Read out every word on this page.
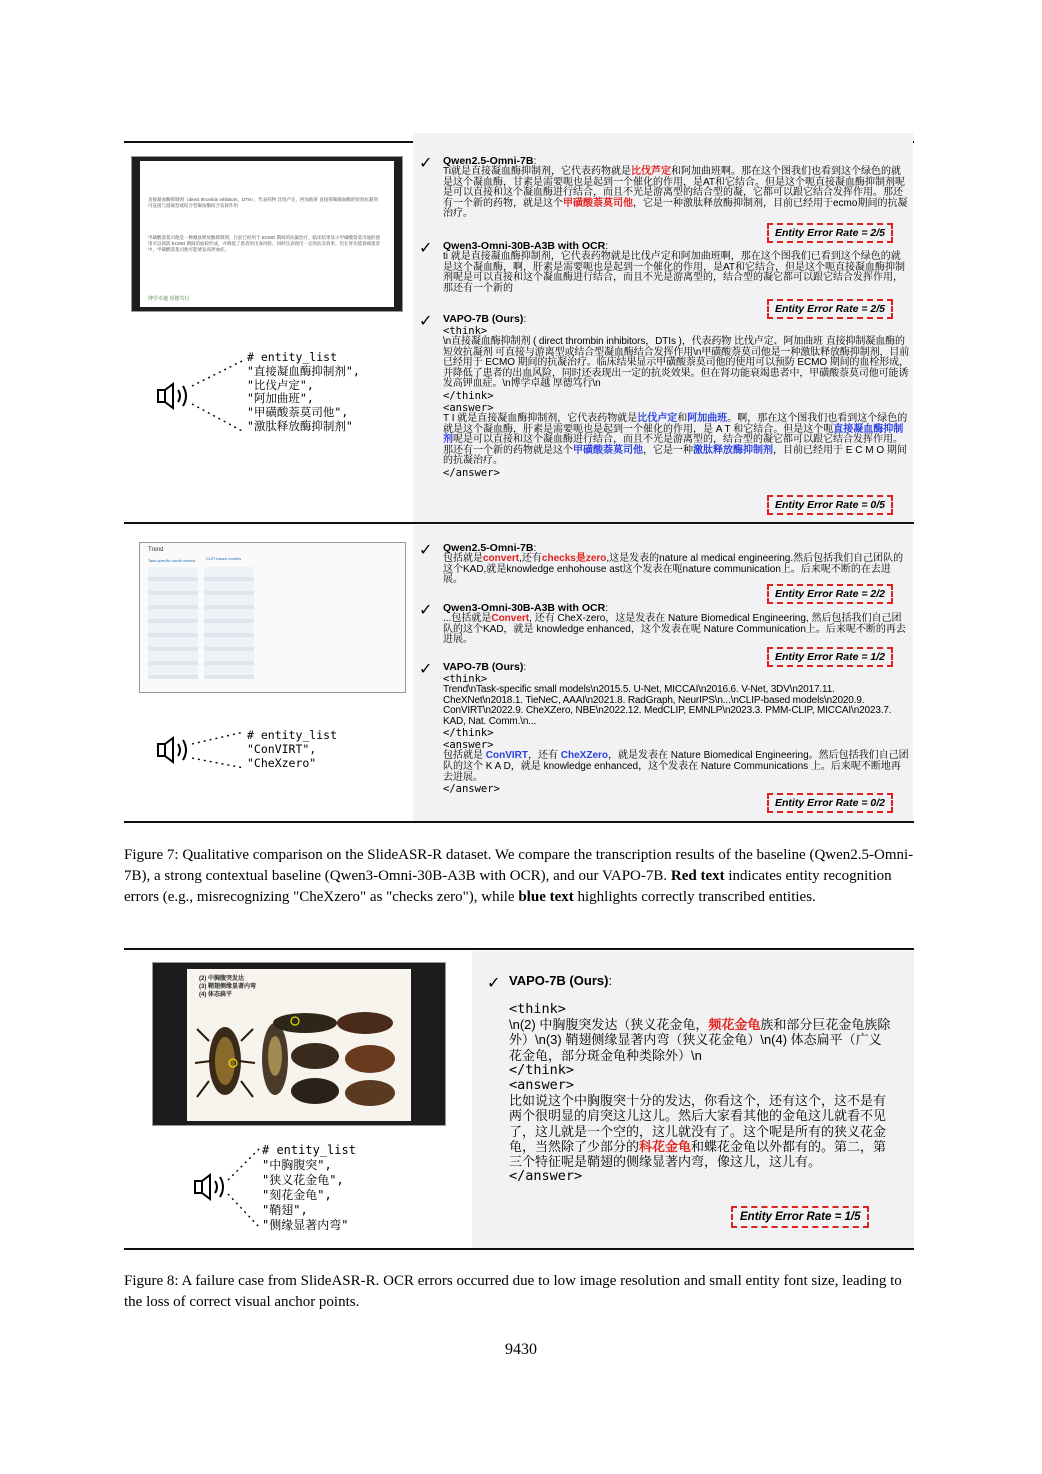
直接凝血酶抑制剂（direct thrombin inhibitors，DTIs），代表药物 比伐卢定、阿加曲班 直接抑制凝血酶的短效抗凝剂 可直接与游离型或结合型凝血酶结合发挥作用
甲磺酸萘莫司他是一种激肽释放酶抑制剂，目前已经用于 ECMO 期间的抗凝治疗。临床结果显示甲磺酸萘莫司他的使用可以预防 ECMO 期间的血栓形成，并降低了患者的出血风险。同时还表现出一定的抗炎效果。但在肾功能衰竭患者中，甲磺酸萘莫司他可能诱发高钾血症。
博学卓越 厚德笃行
# entity_list
"直接凝血酶抑制剂",
"比伐卢定",
"阿加曲班",
"甲磺酸萘莫司他",
"激肽释放酶抑制剂"
✓ Qwen2.5-Omni-7B:
Ti就是直接凝血酶抑制剂，它代表药物就是比伐芦定和阿加曲班啊。那在这个图我们也看到这个绿色的就是这个凝血酶，甘素是需要呃也是起到一个催化的作用，是AT和它结合。但是这个呃直接凝血酶抑制剂呢是可以直接和这个凝血酶进行结合，而且不光是游离型的结合型的凝，它都可以跟它结合发挥作用。那还有一个新的药物，就是这个甲磺酸萘莫司他，它是一种激肽释放酶抑制剂，目前已经用于ecmo期间的抗凝治疗。
Entity Error Rate = 2/5
✓ Qwen3-Omni-30B-A3B with OCR:
ti 就是直接凝血酶抑制剂，它代表药物就是比伐卢定和阿加曲班啊，那在这个图我们已看到这个绿色的就是这个凝血酶，啊，肝素是需要呃也是起到一个催化的作用，是AT和它结合，但是这个呃直接凝血酶抑制剂呢是可以直接和这个凝血酶进行结合，而且不光是游离型的，结合型的凝它都可以跟它结合发挥作用，那还有一个新的
Entity Error Rate = 2/5
✓ VAPO-7B (Ours):
<think>
\n直接凝血酶抑制剂 ( direct thrombin inhibitors，DTIs )，代表药物 比伐卢定、阿加曲班 直接抑制凝血酶的短效抗凝剂 可直接与游离型或结合型凝血酶结合发挥作用\n甲磺酸萘莫司他是一种激肽释放酶抑制剂，目前已经用于 ECMO 期间的抗凝治疗。临床结果显示甲磺酸萘莫司他的使用可以预防 ECMO 期间的血栓形成，并降低了患者的出血风险，同时还表现出一定的抗炎效果。但在肾功能衰竭患者中，甲磺酸萘莫司他可能诱发高钾血症。\n博学卓越 厚德笃行\n
</think>
<answer>
T I 就是直接凝血酶抑制剂，它代表药物就是比伐卢定和阿加曲班。啊，那在这个图我们也看到这个绿色的就是这个凝血酶，肝素是需要呃也是起到一个催化的作用，是 A T 和它结合。但是这个呃直接凝血酶抑制剂呢是可以直接和这个凝血酶进行结合，而且不光是游离型的，结合型的凝它都可以跟它结合发挥作用。那还有一个新的药物就是这个甲磺酸萘莫司他，它是一种激肽释放酶抑制剂，目前已经用于 E C M O 期间的抗凝治疗。
</answer>
Entity Error Rate = 0/5
Trend
Task-specific small models	CLIP-based models
# entity_list
"ConVIRT",
"CheXzero"
✓ Qwen2.5-Omni-7B:
包括就是convert,还有checks是zero,这是发表的nature al medical engineering.然后包括我们自己团队的这个KAD,就是knowledge enhohouse ast这个发表在呃nature communication上。后来呢不断的在去进展。
Entity Error Rate = 2/2
✓ Qwen3-Omni-30B-A3B with OCR:
...包括就是Convert, 还有 CheX-zero，这是发表在 Nature Biomedical Engineering, 然后包括我们自己团队的这个KAD，就是 knowledge enhanced，这个发表在呢 Nature Communication上。后来呢不断的再去进展。
Entity Error Rate = 1/2
✓ VAPO-7B (Ours):
<think>
Trend\nTask-specific small models\n2015.5. U-Net, MICCAI\n2016.6. V-Net, 3DV\n2017.11. CheXNet\n2018.1. TieNeC, AAAI\n2021.8. RadGraph, NeurIPS\n...\nCLIP-based models\n2020.9. ConVIRT\n2022.9. CheXZero, NBE\n2022.12. MedCLIP, EMNLP\n2023.3. PMM-CLIP, MICCAI\n2023.7. KAD, Nat. Comm.\n...
</think>
<answer>
包括就是 ConVIRT，还有 CheXZero，就是发表在 Nature Biomedical Engineering。然后包括我们自己团队的这个 K A D，就是 knowledge enhanced，这个发表在 Nature Communications 上。后来呢不断地再去进展。
</answer>
Entity Error Rate = 0/2
Figure 7: Qualitative comparison on the SlideASR-R dataset. We compare the transcription results of the baseline (Qwen2.5-Omni-7B), a strong contextual baseline (Qwen3-Omni-30B-A3B with OCR), and our VAPO-7B. Red text indicates entity recognition errors (e.g., misrecognizing "CheXzero" as "checks zero"), while blue text highlights correctly transcribed entities.
(2) 中胸腹突发达
(3) 鞘翅侧缘显著内弯
(4) 体态扁平
# entity_list
"中胸腹突",
"狭义花金龟",
"刻花金龟",
"鞘翅",
"侧缘显著内弯"
✓ VAPO-7B (Ours):
<think>
\n(2) 中胸腹突发达（狭义花金龟，频花金龟族和部分巨花金龟族除外）\n(3) 鞘翅侧缘显著内弯（狭义花金龟）\n(4) 体态扁平（广义花金龟，部分斑金龟种类除外）\n
</think>
<answer>
比如说这个中胸腹突十分的发达，你看这个，还有这个，这不是有两个很明显的肩突这儿这儿。然后大家看其他的金龟这儿就看不见了，这儿就是一个空的，这儿就没有了。这个呢是所有的狭义花金龟，当然除了少部分的科花金龟和蝶花金龟以外都有的。第二，第三个特征呢是鞘翅的侧缘显著内弯，像这儿，这儿有。
</answer>
Entity Error Rate = 1/5
Figure 8: A failure case from SlideASR-R. OCR errors occurred due to low image resolution and small entity font size, leading to the loss of correct visual anchor points.
9430
